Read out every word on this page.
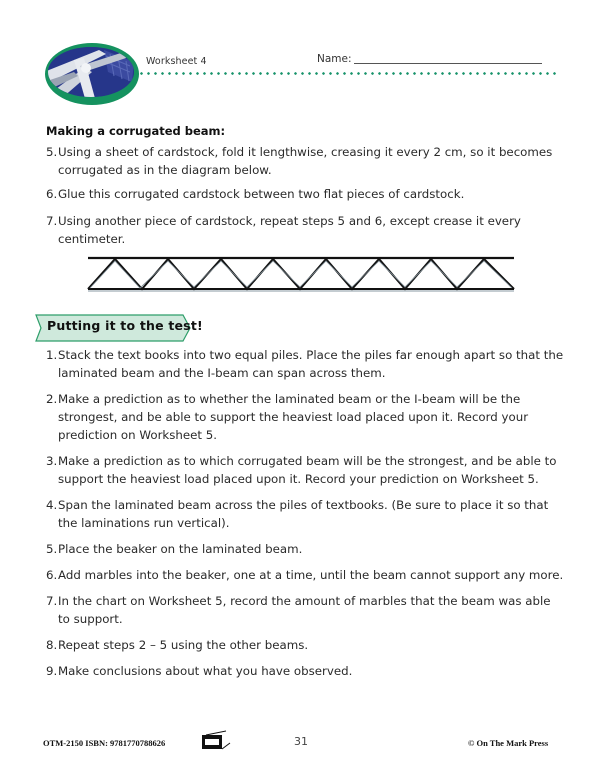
Worksheet 4	Name:
Making a corrugated beam:
5. Using a sheet of cardstock, fold it lengthwise, creasing it every 2 cm, so it becomes corrugated as in the diagram below.
6. Glue this corrugated cardstock between two flat pieces of cardstock.
7. Using another piece of cardstock, repeat steps 5 and 6, except crease it every centimeter.
Putting it to the test!
1. Stack the text books into two equal piles. Place the piles far enough apart so that the laminated beam and the I-beam can span across them.
2. Make a prediction as to whether the laminated beam or the I-beam will be the strongest, and be able to support the heaviest load placed upon it. Record your prediction on Worksheet 5.
3. Make a prediction as to which corrugated beam will be the strongest, and be able to support the heaviest load placed upon it. Record your prediction on Worksheet 5.
4. Span the laminated beam across the piles of textbooks. (Be sure to place it so that the laminations run vertical).
5. Place the beaker on the laminated beam.
6. Add marbles into the beaker, one at a time, until the beam cannot support any more.
7. In the chart on Worksheet 5, record the amount of marbles that the beam was able to support.
8. Repeat steps 2 – 5 using the other beams.
9. Make conclusions about what you have observed.
OTM-2150 ISBN: 9781770788626	31	© On The Mark Press
